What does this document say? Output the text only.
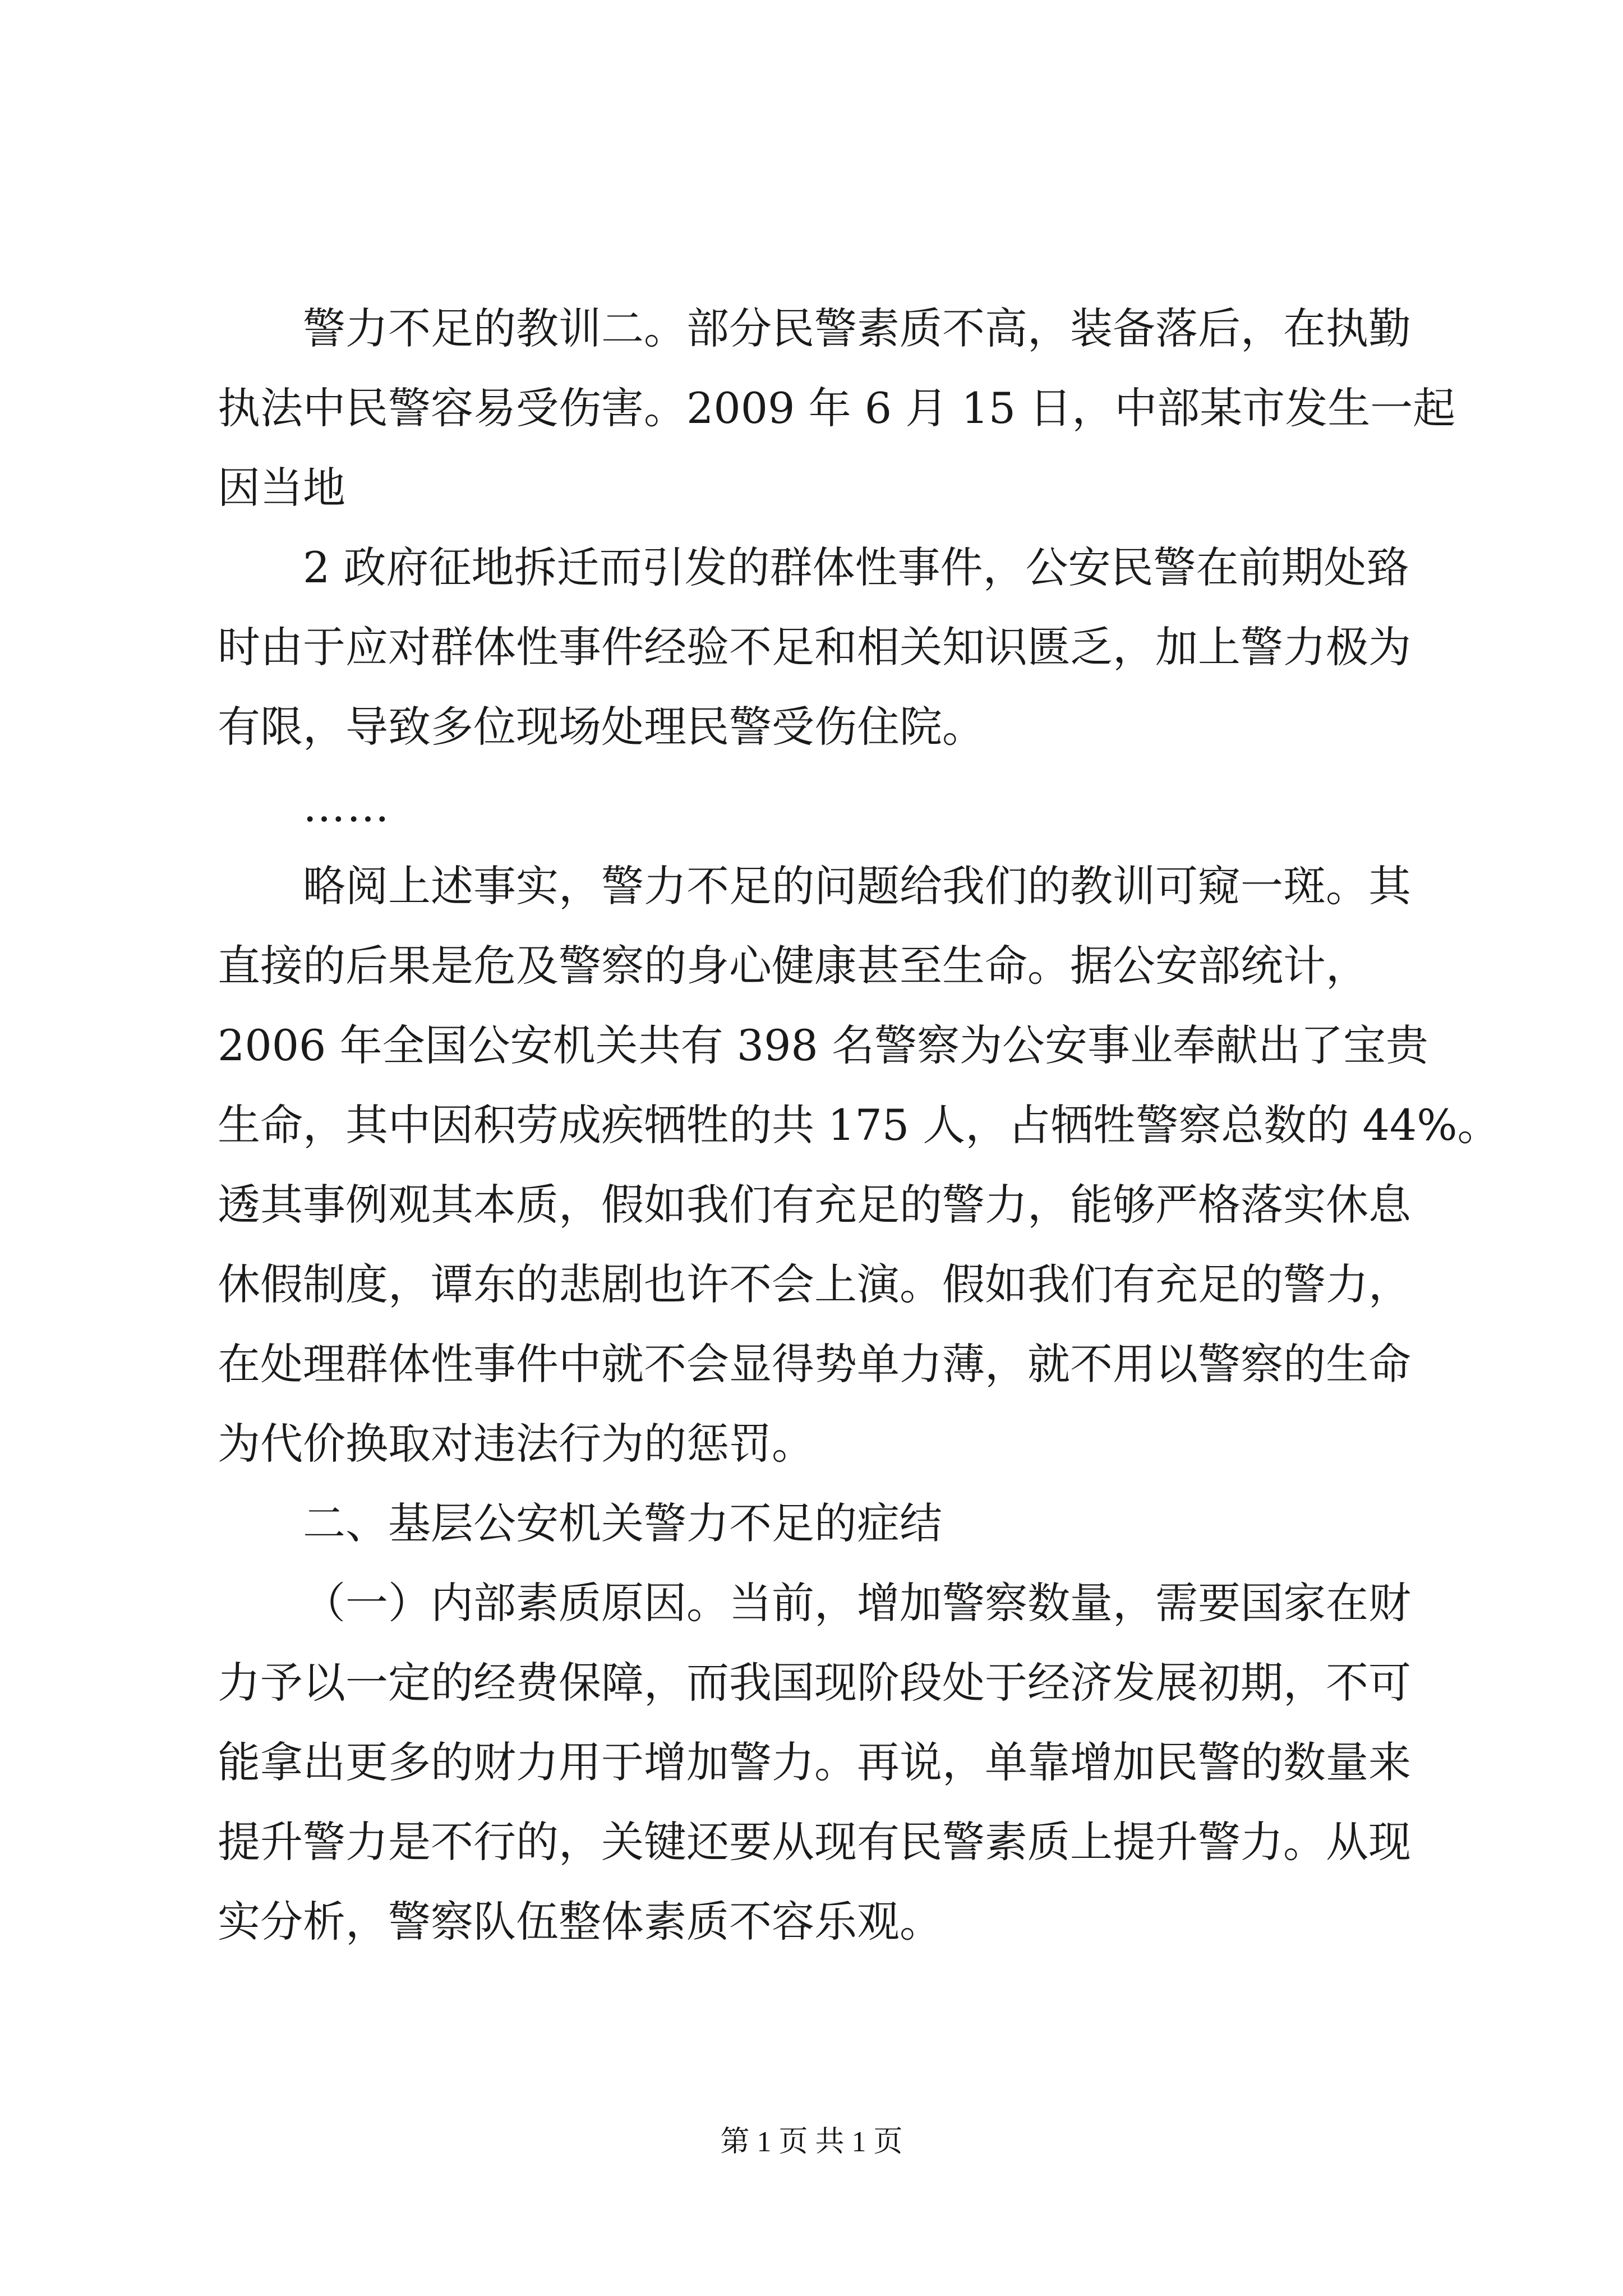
警力不足的教训二。部分民警素质不高，装备落后，在执勤
执法中民警容易受伤害。2009 年 6 月 15 日，中部某市发生一起
因当地
2 政府征地拆迁而引发的群体性事件，公安民警在前期处臵
时由于应对群体性事件经验不足和相关知识匮乏，加上警力极为
有限，导致多位现场处理民警受伤住院。
……
略阅上述事实，警力不足的问题给我们的教训可窥一斑。其
直接的后果是危及警察的身心健康甚至生命。据公安部统计，
2006 年全国公安机关共有 398 名警察为公安事业奉献出了宝贵
生命，其中因积劳成疾牺牲的共 175 人，占牺牲警察总数的 44%。
透其事例观其本质，假如我们有充足的警力，能够严格落实休息
休假制度，谭东的悲剧也许不会上演。假如我们有充足的警力，
在处理群体性事件中就不会显得势单力薄，就不用以警察的生命
为代价换取对违法行为的惩罚。
二、基层公安机关警力不足的症结
（一）内部素质原因。当前，增加警察数量，需要国家在财
力予以一定的经费保障，而我国现阶段处于经济发展初期，不可
能拿出更多的财力用于增加警力。再说，单靠增加民警的数量来
提升警力是不行的，关键还要从现有民警素质上提升警力。从现
实分析，警察队伍整体素质不容乐观。
第 1 页 共 1 页
